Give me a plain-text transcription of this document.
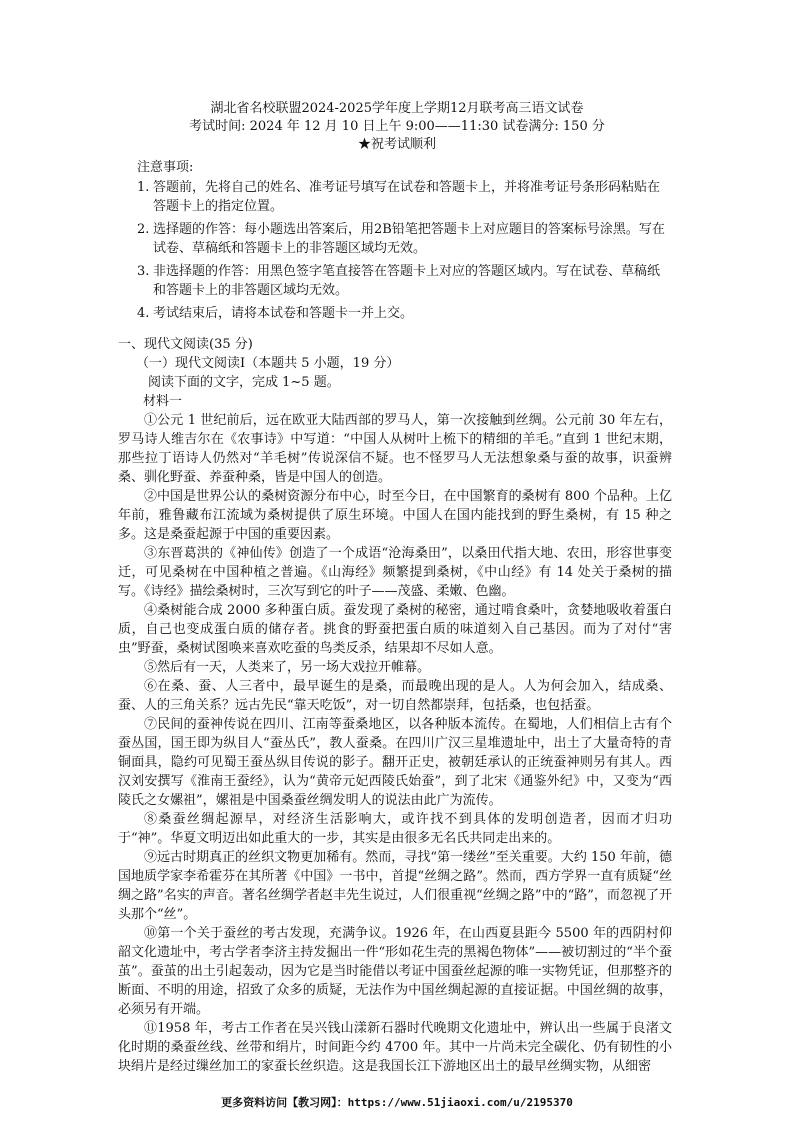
湖北省名校联盟2024-2025学年度上学期12月联考高三语文试卷
考试时间: 2024 年 12 月 10 日上午 9:00——11:30 试卷满分: 150 分
★祝考试顺利
注意事项:
1. 答题前，先将自己的姓名、准考证号填写在试卷和答题卡上，并将准考证号条形码粘贴在答题卡上的指定位置。
2. 选择题的作答：每小题选出答案后，用2B铅笔把答题卡上对应题目的答案标号涂黑。写在试卷、草稿纸和答题卡上的非答题区域均无效。
3. 非选择题的作答：用黑色签字笔直接答在答题卡上对应的答题区域内。写在试卷、草稿纸和答题卡上的非答题区域均无效。
4. 考试结束后，请将本试卷和答题卡一并上交。
一、现代文阅读(35 分)
（一）现代文阅读Ⅰ（本题共 5 小题，19 分）
阅读下面的文字，完成 1~5 题。
材料一

①公元 1 世纪前后，远在欧亚大陆西部的罗马人，第一次接触到丝绸。公元前 30 年左右，罗马诗人维吉尔在《农事诗》中写道：“中国人从树叶上梳下的精细的羊毛。”直到 1 世纪末期，那些拉丁语诗人仍然对“羊毛树”传说深信不疑。也不怪罗马人无法想象桑与蚕的故事，识蚕辨桑、驯化野蚕、养蚕种桑，皆是中国人的创造。

②中国是世界公认的桑树资源分布中心，时至今日，在中国繁育的桑树有 800 个品种。上亿年前，雅鲁藏布江流域为桑树提供了原生环境。中国人在国内能找到的野生桑树，有 15 种之多。这是桑蚕起源于中国的重要因素。

③东晋葛洪的《神仙传》创造了一个成语“沧海桑田”，以桑田代指大地、农田，形容世事变迁，可见桑树在中国种植之普遍。《山海经》频繁提到桑树，《中山经》有 14 处关于桑树的描写。《诗经》描绘桑树时，三次写到它的叶子——茂盛、柔嫩、色幽。

④桑树能合成 2000 多种蛋白质。蚕发现了桑树的秘密，通过啃食桑叶，贪婪地吸收着蛋白质，自己也变成蛋白质的储存者。挑食的野蚕把蛋白质的味道刻入自己基因。而为了对付“害虫”野蚕，桑树试图唤来喜欢吃蚕的鸟类反杀，结果却不尽如人意。

⑤然后有一天，人类来了，另一场大戏拉开帷幕。

⑥在桑、蚕、人三者中，最早诞生的是桑，而最晚出现的是人。人为何会加入，结成桑、蚕、人的三角关系？远古先民“靠天吃饭”，对一切自然都崇拜，包括桑，也包括蚕。

⑦民间的蚕神传说在四川、江南等蚕桑地区，以各种版本流传。在蜀地，人们相信上古有个蚕丛国，国王即为纵目人“蚕丛氏”，教人蚕桑。在四川广汉三星堆遗址中，出土了大量奇特的青铜面具，隐约可见蜀王蚕丛纵目传说的影子。翻开正史，被朝廷承认的正统蚕神则另有其人。西汉刘安撰写《淮南王蚕经》，认为“黄帝元妃西陵氏始蚕”，到了北宋《通鉴外纪》中，又变为“西陵氏之女嫘祖”，嫘祖是中国桑蚕丝绸发明人的说法由此广为流传。

⑧桑蚕丝绸起源早，对经济生活影响大，或许找不到具体的发明创造者，因而才归功于“神”。华夏文明迈出如此重大的一步，其实是由很多无名氏共同走出来的。

⑨远古时期真正的丝织文物更加稀有。然而，寻找“第一缕丝”至关重要。大约 150 年前，德国地质学家李希霍芬在其所著《中国》一书中，首提“丝绸之路”。然而，西方学界一直有质疑“丝绸之路”名实的声音。著名丝绸学者赵丰先生说过，人们很重视“丝绸之路”中的“路”，而忽视了开头那个“丝”。

⑩第一个关于蚕丝的考古发现，充满争议。1926 年，在山西夏县距今 5500 年的西阴村仰韶文化遗址中，考古学者李济主持发掘出一件“形如花生壳的黑褐色物体”——被切割过的“半个蚕茧”。蚕茧的出土引起轰动，因为它是当时能借以考证中国蚕丝起源的唯一实物凭证，但那整齐的断面、不明的用途，招致了众多的质疑，无法作为中国丝绸起源的直接证据。中国丝绸的故事，必须另有开端。

⑪1958 年，考古工作者在吴兴钱山漾新石器时代晚期文化遗址中，辨认出一些属于良渚文化时期的桑蚕丝线、丝带和绢片，时间距今约 4700 年。其中一片尚未完全碳化、仍有韧性的小块绢片是经过缫丝加工的家蚕长丝织造。这是我国长江下游地区出土的最早丝绸实物，从细密

更多资料访问【教习网】：https://www.51jiaoxi.com/u/2195370
